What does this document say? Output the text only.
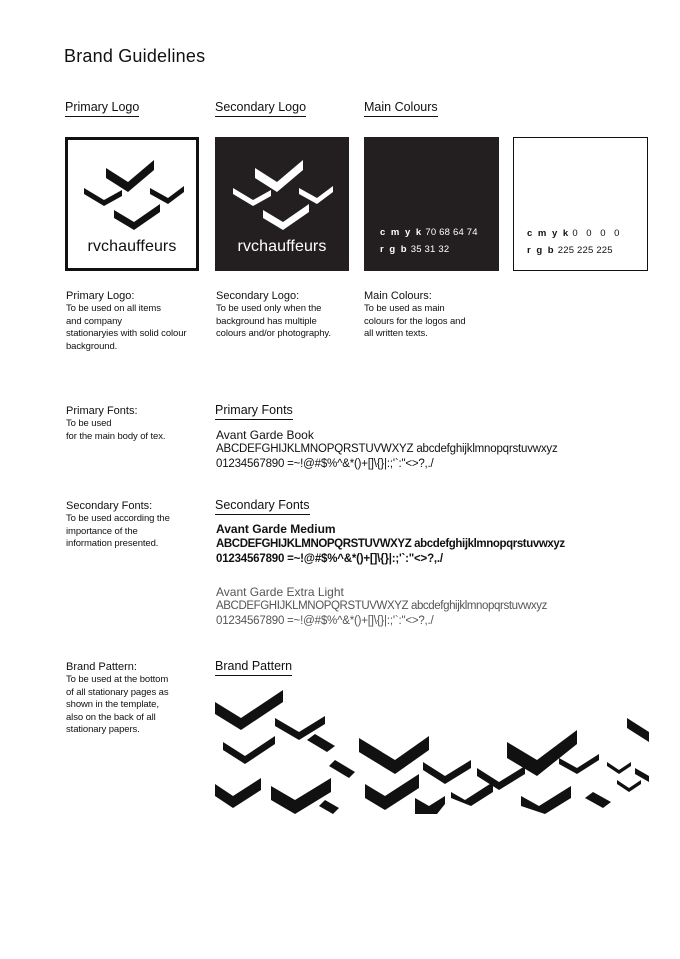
Brand Guidelines
Primary Logo	Secondary Logo	Main Colours
rvchauffeurs	rvchauffeurs
c m y k 70 68 64 74
r g b 35 31 32
c m y k 0 0 0 0
r g b 225 225 225
Primary Logo:
To be used on all items
and company
stationaryies with solid colour
background.
Secondary Logo:
To be used only when the
background has multiple
colours and/or photography.
Main Colours:
To be used as main
colours for the logos and
all written texts.
Primary Fonts:
To be used
for the main body of tex.
Primary Fonts
Avant Garde Book
ABCDEFGHIJKLMNOPQRSTUVWXYZ abcdefghijklmnopqrstuvwxyz
01234567890 =~!@#$%^&*()+[]\{}|:;'`:"<>?,./
Secondary Fonts:
To be used according the
importance of the
information presented.
Secondary Fonts
Avant Garde Medium
ABCDEFGHIJKLMNOPQRSTUVWXYZ abcdefghijklmnopqrstuvwxyz
01234567890 =~!@#$%^&*()+[]\{}|:;'`:"<>?,./
Avant Garde Extra Light
ABCDEFGHIJKLMNOPQRSTUVWXYZ abcdefghijklmnopqrstuvwxyz
01234567890 =~!@#$%^&*()+[]\{}|:;'`:"<>?,./
Brand Pattern:
To be used at the bottom
of all stationary pages as
shown in the template,
also on the back of all
stationary papers.
Brand Pattern
